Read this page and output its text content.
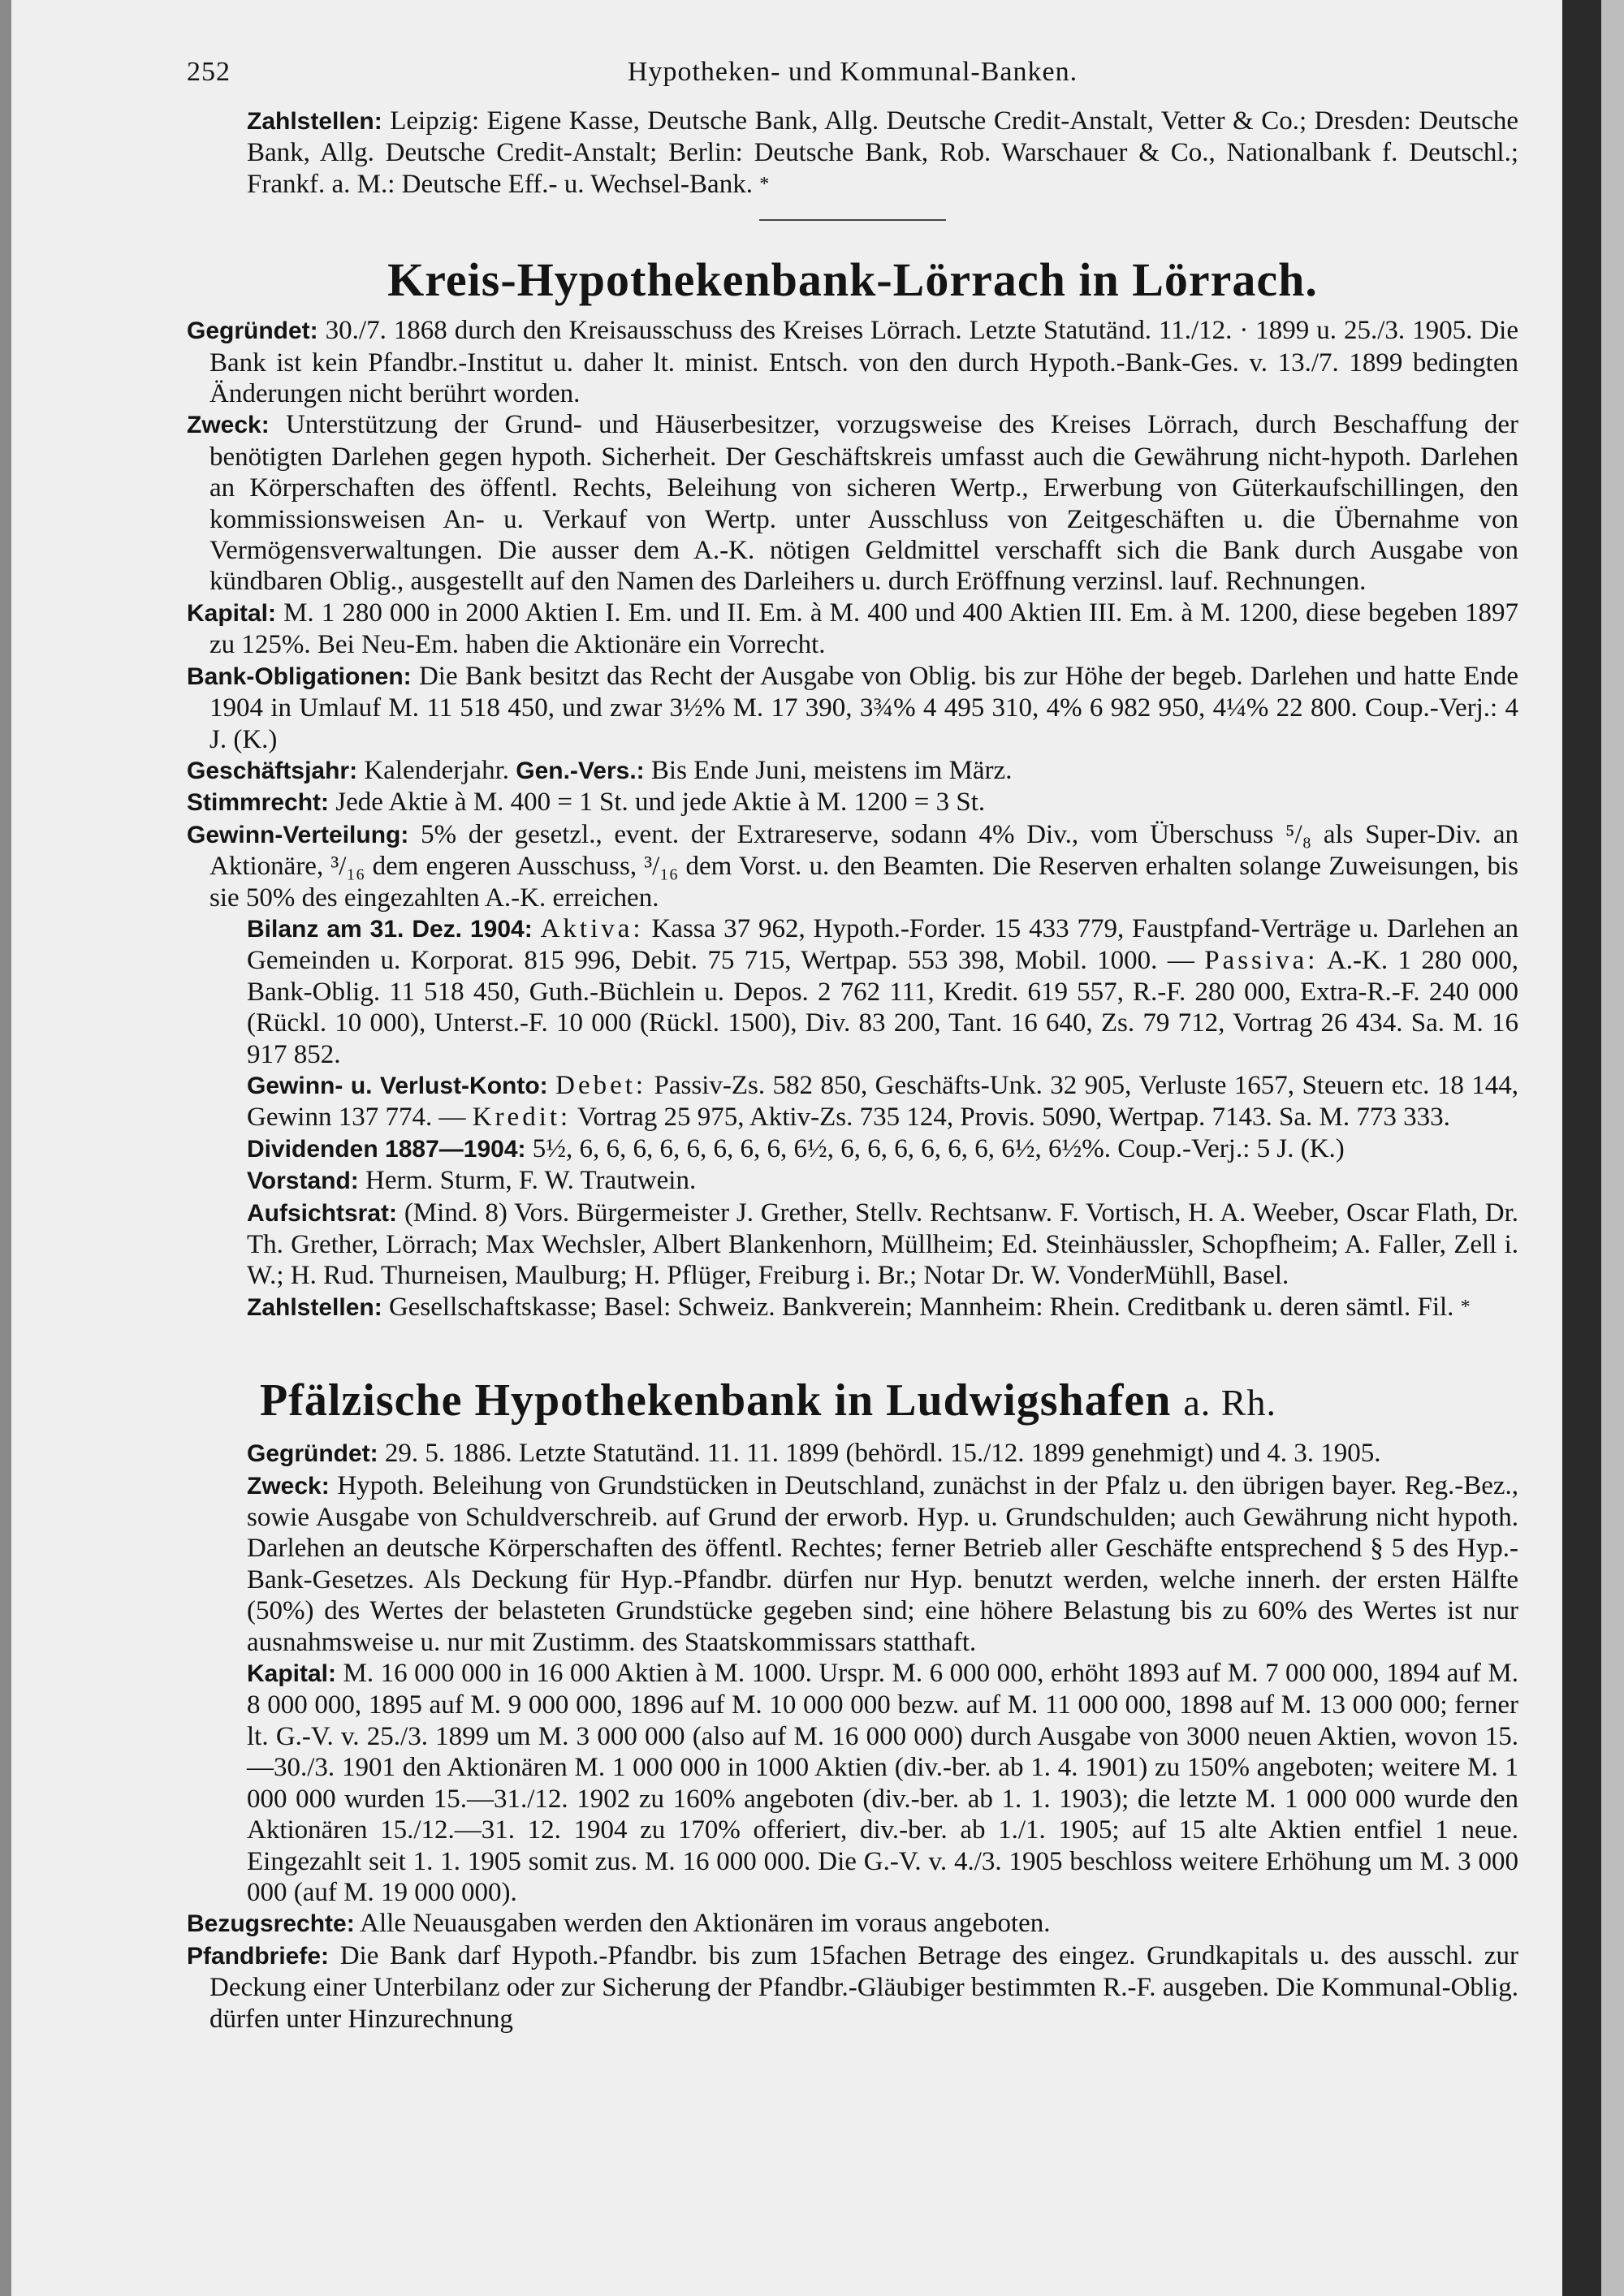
252	Hypotheken- und Kommunal-Banken.

Zahlstellen: Leipzig: Eigene Kasse, Deutsche Bank, Allg. Deutsche Credit-Anstalt, Vetter & Co.; Dresden: Deutsche Bank, Allg. Deutsche Credit-Anstalt; Berlin: Deutsche Bank, Rob. Warschauer & Co., Nationalbank f. Deutschl.; Frankf. a. M.: Deutsche Eff.- u. Wechsel-Bank. *

Kreis-Hypothekenbank-Lörrach in Lörrach.

Gegründet: 30./7. 1868 durch den Kreisausschuss des Kreises Lörrach. Letzte Statutänd. 11./12. · 1899 u. 25./3. 1905. Die Bank ist kein Pfandbr.-Institut u. daher lt. minist. Entsch. von den durch Hypoth.-Bank-Ges. v. 13./7. 1899 bedingten Änderungen nicht berührt worden.

Zweck: Unterstützung der Grund- und Häuserbesitzer, vorzugsweise des Kreises Lörrach, durch Beschaffung der benötigten Darlehen gegen hypoth. Sicherheit. Der Geschäftskreis umfasst auch die Gewährung nicht-hypoth. Darlehen an Körperschaften des öffentl. Rechts, Beleihung von sicheren Wertp., Erwerbung von Güterkaufschillingen, den kommissionsweisen An- u. Verkauf von Wertp. unter Ausschluss von Zeitgeschäften u. die Übernahme von Vermögensverwaltungen. Die ausser dem A.-K. nötigen Geldmittel verschafft sich die Bank durch Ausgabe von kündbaren Oblig., ausgestellt auf den Namen des Darleihers u. durch Eröffnung verzinsl. lauf. Rechnungen.

Kapital: M. 1 280 000 in 2000 Aktien I. Em. und II. Em. à M. 400 und 400 Aktien III. Em. à M. 1200, diese begeben 1897 zu 125%. Bei Neu-Em. haben die Aktionäre ein Vorrecht.

Bank-Obligationen: Die Bank besitzt das Recht der Ausgabe von Oblig. bis zur Höhe der begeb. Darlehen und hatte Ende 1904 in Umlauf M. 11 518 450, und zwar 3½% M. 17 390, 3¾% 4 495 310, 4% 6 982 950, 4¼% 22 800. Coup.-Verj.: 4 J. (K.)

Geschäftsjahr: Kalenderjahr. Gen.-Vers.: Bis Ende Juni, meistens im März.

Stimmrecht: Jede Aktie à M. 400 = 1 St. und jede Aktie à M. 1200 = 3 St.

Gewinn-Verteilung: 5% der gesetzl., event. der Extrareserve, sodann 4% Div., vom Überschuss ⁵/₈ als Super-Div. an Aktionäre, ³/₁₆ dem engeren Ausschuss, ³/₁₆ dem Vorst. u. den Beamten. Die Reserven erhalten solange Zuweisungen, bis sie 50% des eingezahlten A.-K. erreichen.

Bilanz am 31. Dez. 1904: Aktiva: Kassa 37 962, Hypoth.-Forder. 15 433 779, Faustpfand-Verträge u. Darlehen an Gemeinden u. Korporat. 815 996, Debit. 75 715, Wertpap. 553 398, Mobil. 1000. — Passiva: A.-K. 1 280 000, Bank-Oblig. 11 518 450, Guth.-Büchlein u. Depos. 2 762 111, Kredit. 619 557, R.-F. 280 000, Extra-R.-F. 240 000 (Rückl. 10 000), Unterst.-F. 10 000 (Rückl. 1500), Div. 83 200, Tant. 16 640, Zs. 79 712, Vortrag 26 434. Sa. M. 16 917 852.

Gewinn- u. Verlust-Konto: Debet: Passiv-Zs. 582 850, Geschäfts-Unk. 32 905, Verluste 1657, Steuern etc. 18 144, Gewinn 137 774. — Kredit: Vortrag 25 975, Aktiv-Zs. 735 124, Provis. 5090, Wertpap. 7143. Sa. M. 773 333.

Dividenden 1887—1904: 5½, 6, 6, 6, 6, 6, 6, 6, 6, 6½, 6, 6, 6, 6, 6, 6, 6½, 6½%. Coup.-Verj.: 5 J. (K.)

Vorstand: Herm. Sturm, F. W. Trautwein.

Aufsichtsrat: (Mind. 8) Vors. Bürgermeister J. Grether, Stellv. Rechtsanw. F. Vortisch, H. A. Weeber, Oscar Flath, Dr. Th. Grether, Lörrach; Max Wechsler, Albert Blankenhorn, Müllheim; Ed. Steinhäussler, Schopfheim; A. Faller, Zell i. W.; H. Rud. Thurneisen, Maulburg; H. Pflüger, Freiburg i. Br.; Notar Dr. W. VonderMühll, Basel.

Zahlstellen: Gesellschaftskasse; Basel: Schweiz. Bankverein; Mannheim: Rhein. Creditbank u. deren sämtl. Fil. *

Pfälzische Hypothekenbank in Ludwigshafen a. Rh.

Gegründet: 29. 5. 1886. Letzte Statutänd. 11. 11. 1899 (behördl. 15./12. 1899 genehmigt) und 4. 3. 1905.

Zweck: Hypoth. Beleihung von Grundstücken in Deutschland, zunächst in der Pfalz u. den übrigen bayer. Reg.-Bez., sowie Ausgabe von Schuldverschreib. auf Grund der erworb. Hyp. u. Grundschulden; auch Gewährung nicht hypoth. Darlehen an deutsche Körperschaften des öffentl. Rechtes; ferner Betrieb aller Geschäfte entsprechend § 5 des Hyp.-Bank-Gesetzes. Als Deckung für Hyp.-Pfandbr. dürfen nur Hyp. benutzt werden, welche innerh. der ersten Hälfte (50%) des Wertes der belasteten Grundstücke gegeben sind; eine höhere Belastung bis zu 60% des Wertes ist nur ausnahmsweise u. nur mit Zustimm. des Staatskommissars statthaft.

Kapital: M. 16 000 000 in 16 000 Aktien à M. 1000. Urspr. M. 6 000 000, erhöht 1893 auf M. 7 000 000, 1894 auf M. 8 000 000, 1895 auf M. 9 000 000, 1896 auf M. 10 000 000 bezw. auf M. 11 000 000, 1898 auf M. 13 000 000; ferner lt. G.-V. v. 25./3. 1899 um M. 3 000 000 (also auf M. 16 000 000) durch Ausgabe von 3000 neuen Aktien, wovon 15.—30./3. 1901 den Aktionären M. 1 000 000 in 1000 Aktien (div.-ber. ab 1. 4. 1901) zu 150% angeboten; weitere M. 1 000 000 wurden 15.—31./12. 1902 zu 160% angeboten (div.-ber. ab 1. 1. 1903); die letzte M. 1 000 000 wurde den Aktionären 15./12.—31. 12. 1904 zu 170% offeriert, div.-ber. ab 1./1. 1905; auf 15 alte Aktien entfiel 1 neue. Eingezahlt seit 1. 1. 1905 somit zus. M. 16 000 000. Die G.-V. v. 4./3. 1905 beschloss weitere Erhöhung um M. 3 000 000 (auf M. 19 000 000).

Bezugsrechte: Alle Neuausgaben werden den Aktionären im voraus angeboten.

Pfandbriefe: Die Bank darf Hypoth.-Pfandbr. bis zum 15fachen Betrage des eingez. Grundkapitals u. des ausschl. zur Deckung einer Unterbilanz oder zur Sicherung der Pfandbr.-Gläubiger bestimmten R.-F. ausgeben. Die Kommunal-Oblig. dürfen unter Hinzurechnung
